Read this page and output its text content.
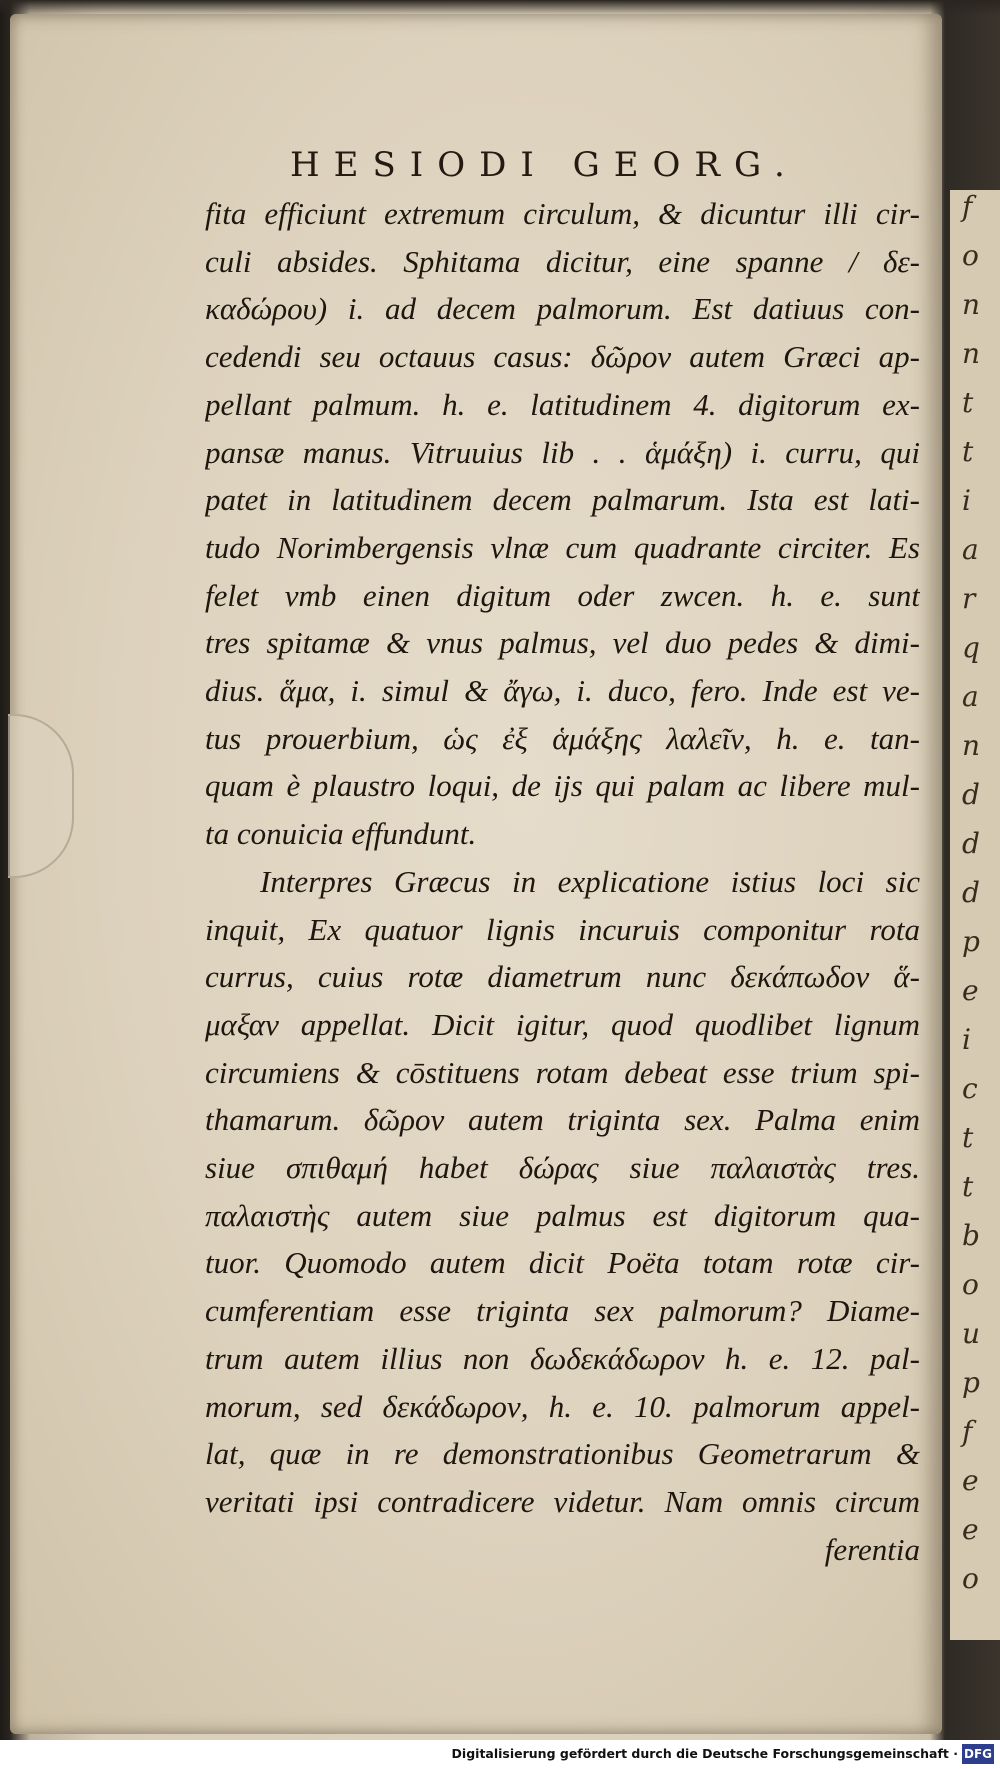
f
o
n
n
t
t
i
a
r
q
a
n
d
d
d
p
e
i
c
t
t
b
o
u
p
f
e
e
o
HESIODI GEORG.
fita efficiunt extremum circulum, & dicuntur illi cir-
culi absides. Sphitama dicitur, eine spanne / δε-
καδώρου) i. ad decem palmorum. Est datiuus con-
cedendi seu octauus casus: δῶρον autem Græci ap-
pellant palmum. h. e. latitudinem 4. digitorum ex-
pansæ manus. Vitruuius lib . . ἁμάξη) i. curru, qui
patet in latitudinem decem palmarum. Ista est lati-
tudo Norimbergensis vlnæ cum quadrante circiter. Es
felet vmb einen digitum oder zwcen. h. e. sunt
tres spitamæ & vnus palmus, vel duo pedes & dimi-
dius. ἅμα, i. simul & ἄγω, i. duco, fero. Inde est ve-
tus prouerbium, ὡς ἐξ ἁμάξης λαλεῖν, h. e. tan-
quam è plaustro loqui, de ijs qui palam ac libere mul-
ta conuicia effundunt.
Interpres Græcus in explicatione istius loci sic
inquit, Ex quatuor lignis incuruis componitur rota
currus, cuius rotæ diametrum nunc δεκάπωδον ἅ-
μαξαν appellat. Dicit igitur, quod quodlibet lignum
circumiens & cōstituens rotam debeat esse trium spi-
thamarum. δῶρον autem triginta sex. Palma enim
siue σπιθαμή habet δώρας siue παλαιστὰς tres.
παλαιστὴς autem siue palmus est digitorum qua-
tuor. Quomodo autem dicit Poëta totam rotæ cir-
cumferentiam esse triginta sex palmorum? Diame-
trum autem illius non δωδεκάδωρον h. e. 12. pal-
morum, sed δεκάδωρον, h. e. 10. palmorum appel-
lat, quæ in re demonstrationibus Geometrarum &
veritati ipsi contradicere videtur. Nam omnis circum
ferentia
Digitalisierung gefördert durch die Deutsche Forschungsgemeinschaft · DFG
